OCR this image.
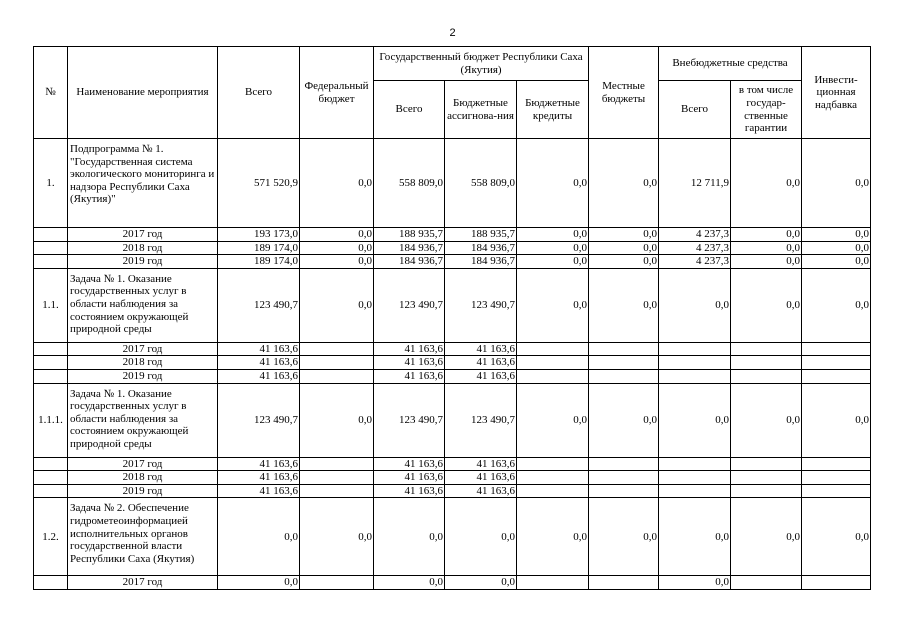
2
№	Наименование мероприятия	Всего	Федеральный бюджет	Государственный бюджет Республики Саха (Якутия)			Местные бюджеты	Внебюджетные средства		Инвести-ционная надбавка
				Всего	Бюджетные ассигнова-ния	Бюджетные кредиты		Всего	в том числе государ-ственные гарантии	
1.	Подпрограмма № 1. "Государственная система экологического мониторинга и надзора Республики Саха (Якутия)"	571 520,9	0,0	558 809,0	558 809,0	0,0	0,0	12 711,9	0,0	0,0
	2017 год	193 173,0	0,0	188 935,7	188 935,7	0,0	0,0	4 237,3	0,0	0,0
	2018 год	189 174,0	0,0	184 936,7	184 936,7	0,0	0,0	4 237,3	0,0	0,0
	2019 год	189 174,0	0,0	184 936,7	184 936,7	0,0	0,0	4 237,3	0,0	0,0
1.1.	Задача № 1. Оказание государственных услуг в области наблюдения за состоянием окружающей природной среды	123 490,7	0,0	123 490,7	123 490,7	0,0	0,0	0,0	0,0	0,0
	2017 год	41 163,6		41 163,6	41 163,6					
	2018 год	41 163,6		41 163,6	41 163,6					
	2019 год	41 163,6		41 163,6	41 163,6					
1.1.1.	Задача № 1. Оказание государственных услуг в области наблюдения за состоянием окружающей природной среды	123 490,7	0,0	123 490,7	123 490,7	0,0	0,0	0,0	0,0	0,0
	2017 год	41 163,6		41 163,6	41 163,6					
	2018 год	41 163,6		41 163,6	41 163,6					
	2019 год	41 163,6		41 163,6	41 163,6					
1.2.	Задача № 2. Обеспечение гидрометеоинформацией исполнительных органов государственной власти Республики Саха (Якутия)	0,0	0,0	0,0	0,0	0,0	0,0	0,0	0,0	0,0
	2017 год	0,0		0,0	0,0			0,0		
